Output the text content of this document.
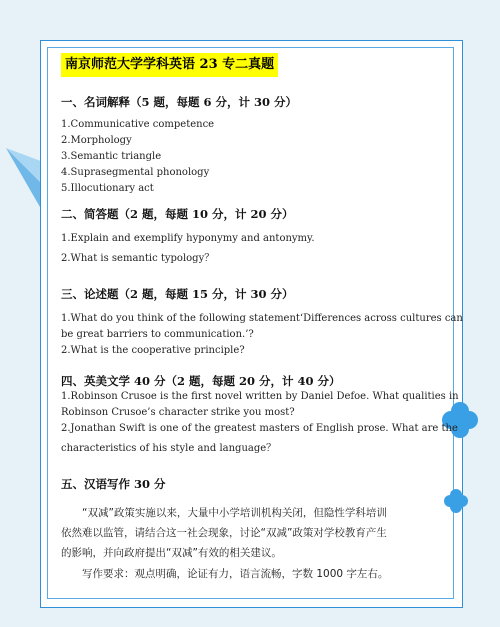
南京师范大学学科英语 23 专二真题
一、名词解释（5 题，每题 6 分，计 30 分）
1.Communicative competence
2.Morphology
3.Semantic triangle
4.Suprasegmental phonology
5.Illocutionary act
二、简答题（2 题，每题 10 分，计 20 分）
1.Explain and exemplify hyponymy and antonymy.
2.What is semantic typology？
三、论述题（2 题，每题 15 分，计 30 分）
1.What do you think of the following statement‘Differences across cultures can
be great barriers to communication.’?
2.What is the cooperative principle?
四、英美文学 40 分（2 题，每题 20 分，计 40 分）
1.Robinson Crusoe is the first novel written by Daniel Defoe. What qualities in
Robinson Crusoe’s character strike you most?
2.Jonathan Swift is one of the greatest masters of English prose. What are the
characteristics of his style and language？
五、汉语写作 30 分
“双减”政策实施以来，大量中小学培训机构关闭，但隐性学科培训
依然难以监管，请结合这一社会现象，讨论“双减”政策对学校教育产生
的影响，并向政府提出“双减”有效的相关建议。
写作要求：观点明确，论证有力，语言流畅，字数 1000 字左右。
